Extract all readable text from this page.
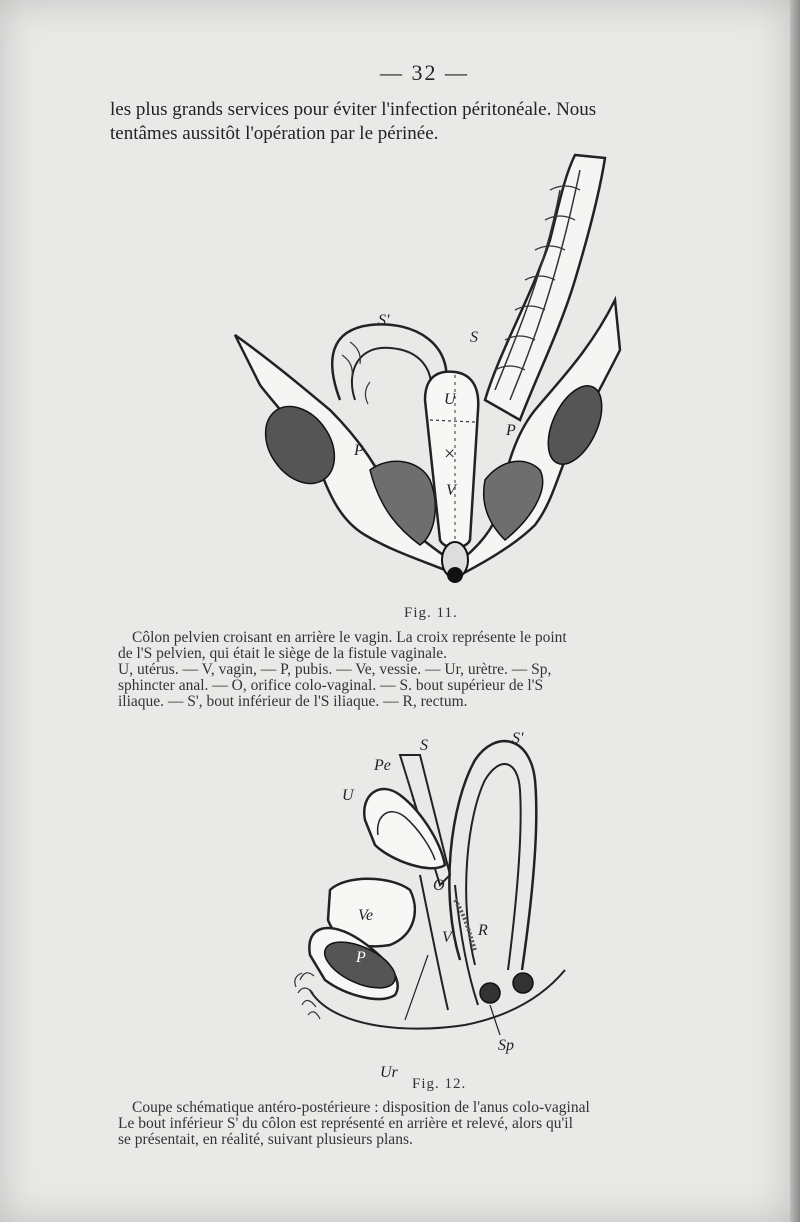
— 32 —
les plus grands services pour éviter l'infection péritonéale. Nous
tentâmes aussitôt l'opération par le périnée.
S'
S
U
×
V
P
P
Fig. 11.
Côlon pelvien croisant en arrière le vagin. La croix représente le point
de l'S pelvien, qui était le siège de la fistule vaginale.
U, utérus. — V, vagin, — P, pubis. — Ve, vessie. — Ur, urètre. — Sp,
sphincter anal. — O, orifice colo-vaginal. — S. bout supérieur de l'S
iliaque. — S', bout inférieur de l'S iliaque. — R, rectum.
Pe
S	S'
U
O
Ve
P
V R
Sp
Ur
Fig. 12.
Coupe schématique antéro-postérieure : disposition de l'anus colo-vaginal
Le bout inférieur S' du côlon est représenté en arrière et relevé, alors qu'il
se présentait, en réalité, suivant plusieurs plans.
